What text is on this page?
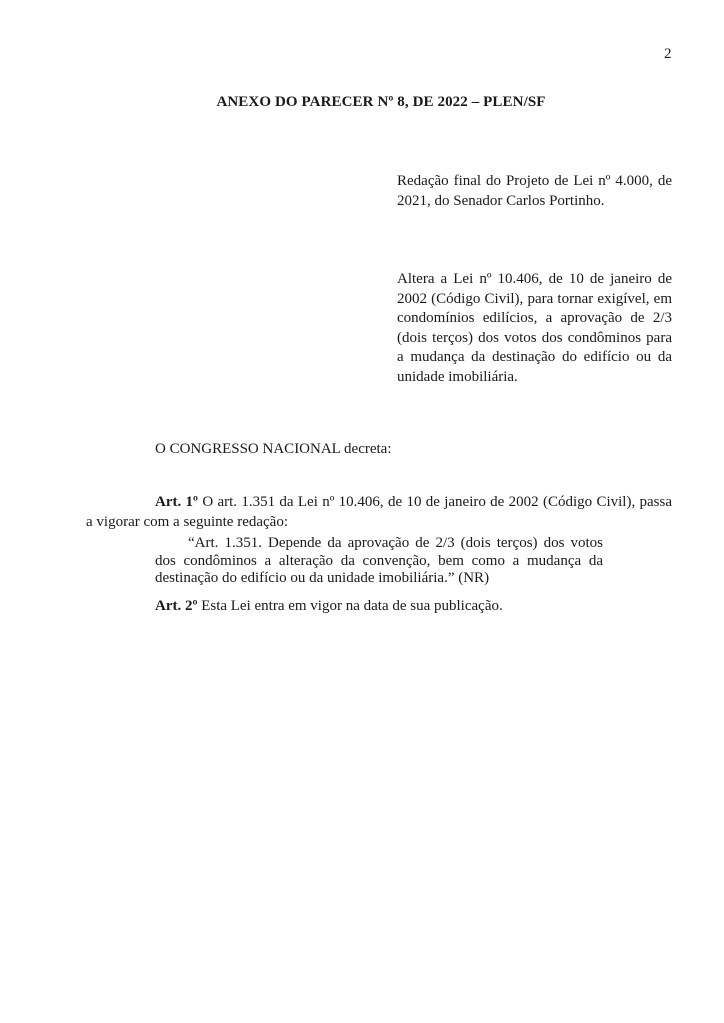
2
ANEXO DO PARECER Nº 8, DE 2022 – PLEN/SF
Redação final do Projeto de Lei nº 4.000, de 2021, do Senador Carlos Portinho.
Altera a Lei nº 10.406, de 10 de janeiro de 2002 (Código Civil), para tornar exigível, em condomínios edilícios, a aprovação de 2/3 (dois terços) dos votos dos condôminos para a mudança da destinação do edifício ou da unidade imobiliária.
O CONGRESSO NACIONAL decreta:
Art. 1º O art. 1.351 da Lei nº 10.406, de 10 de janeiro de 2002 (Código Civil), passa a vigorar com a seguinte redação:
“Art. 1.351. Depende da aprovação de 2/3 (dois terços) dos votos dos condôminos a alteração da convenção, bem como a mudança da destinação do edifício ou da unidade imobiliária.” (NR)
Art. 2º Esta Lei entra em vigor na data de sua publicação.
